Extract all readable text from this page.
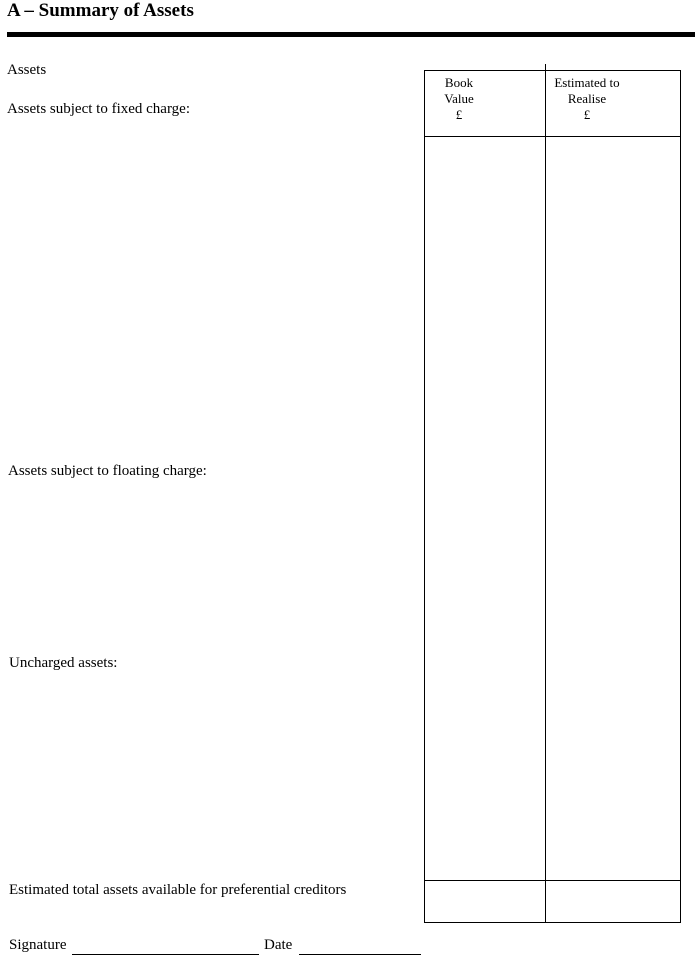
A – Summary of Assets
Assets
Assets subject to fixed charge:
Assets subject to floating charge:
Uncharged assets:
Estimated total assets available for preferential creditors
Book
Value
£
Estimated to
Realise
£
Signature	Date
